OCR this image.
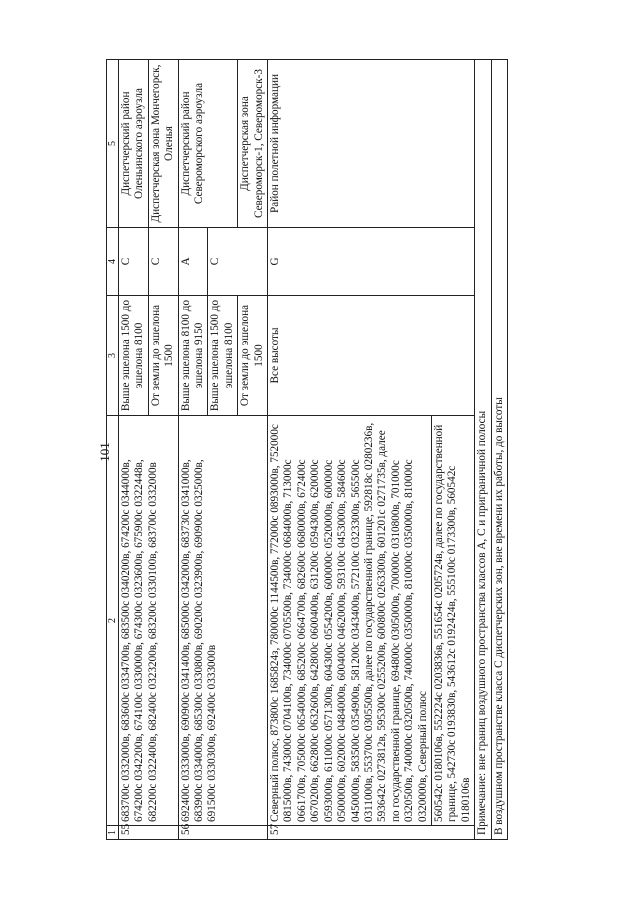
101
1	2	3	4	5
55	683700с 0332000в, 683600с 0334700в, 683500с 0340200в, 674200с 0344000в, 674200с 0342200в, 674100с 0330000в, 674300с 0323600в, 675900с 0322448в, 682200с 0322400в, 682400с 0323200в, 683200с 0330100в, 683700с 0332000в	Выше эшелона 1500 до эшелона 8100	С	Диспетчерский район Оленьинского аэроузла
		От земли до эшелона 1500	С	Диспетчерская зона Мончегорск, Оленья
56	692400с 0333000в, 690900с 0341400в, 685000с 0342000в, 683730с 0341000в, 683900с 0334000в, 685300с 0330800в, 690200с 0323900в, 690900с 0325000в, 691500с 0330300в, 692400с 0333000в	Выше эшелона 8100 до эшелона 9150	А	Диспетчерский район Североморского аэроузла
		Выше эшелона 1500 до эшелона 8100	С	
		От земли до эшелона 1500		Диспетчерская зона Североморск-1, Североморск-3
57	Северный полюс, 873800с 1685824з, 780000с 1144500в, 772000с 0893000в, 752000с 0815000в, 743000с 0704100в, 734000с 0705500в, 734000с 0684000в, 713000с 0661700в, 705000с 0654000в, 685200с 0664700в, 682600с 0680000в, 672400с 0670200в, 662800с 0632600в, 642800с 0600400в, 631200с 0594300в, 620000с 0593000в, 611000с 0571300в, 604300с 0554200в, 600000с 0520000в, 600000с 0500000в, 602000с 0484000в, 600400с 0462000в, 593100с 0453000в, 584600с 0450000в, 583500с 0354900в, 581200с 0343400в, 572100с 0323300в, 565500с 0311000в, 553700с 0305500в, далее по государственной границе, 592818с 0280236в, 593642с 0273812в, 595300с 0255200в, 600800с 0263300в, 601201с 0271735в, далее по государственной границе, 694800с 0305000в, 700000с 0310800в, 701000с 0320500в, 740000с 0320500в, 740000с 0350000в, 810000с 0350000в, 810000с 0320000в, Северный полюс	Все высоты	G	Район полетной информации
	560542с 0180106в, 552224с 0203836в, 551654с 0205724в, далее по государственной границе, 542730с 0193830в, 543612с 0192424в, 555100с 0173300в, 560542с 0180106в			
Примечание: вне границ воздушного пространства классов А, С и приграничной полосы				
В воздушном пространстве класса С диспетчерских зон, вне времени их работы, до высоты				
